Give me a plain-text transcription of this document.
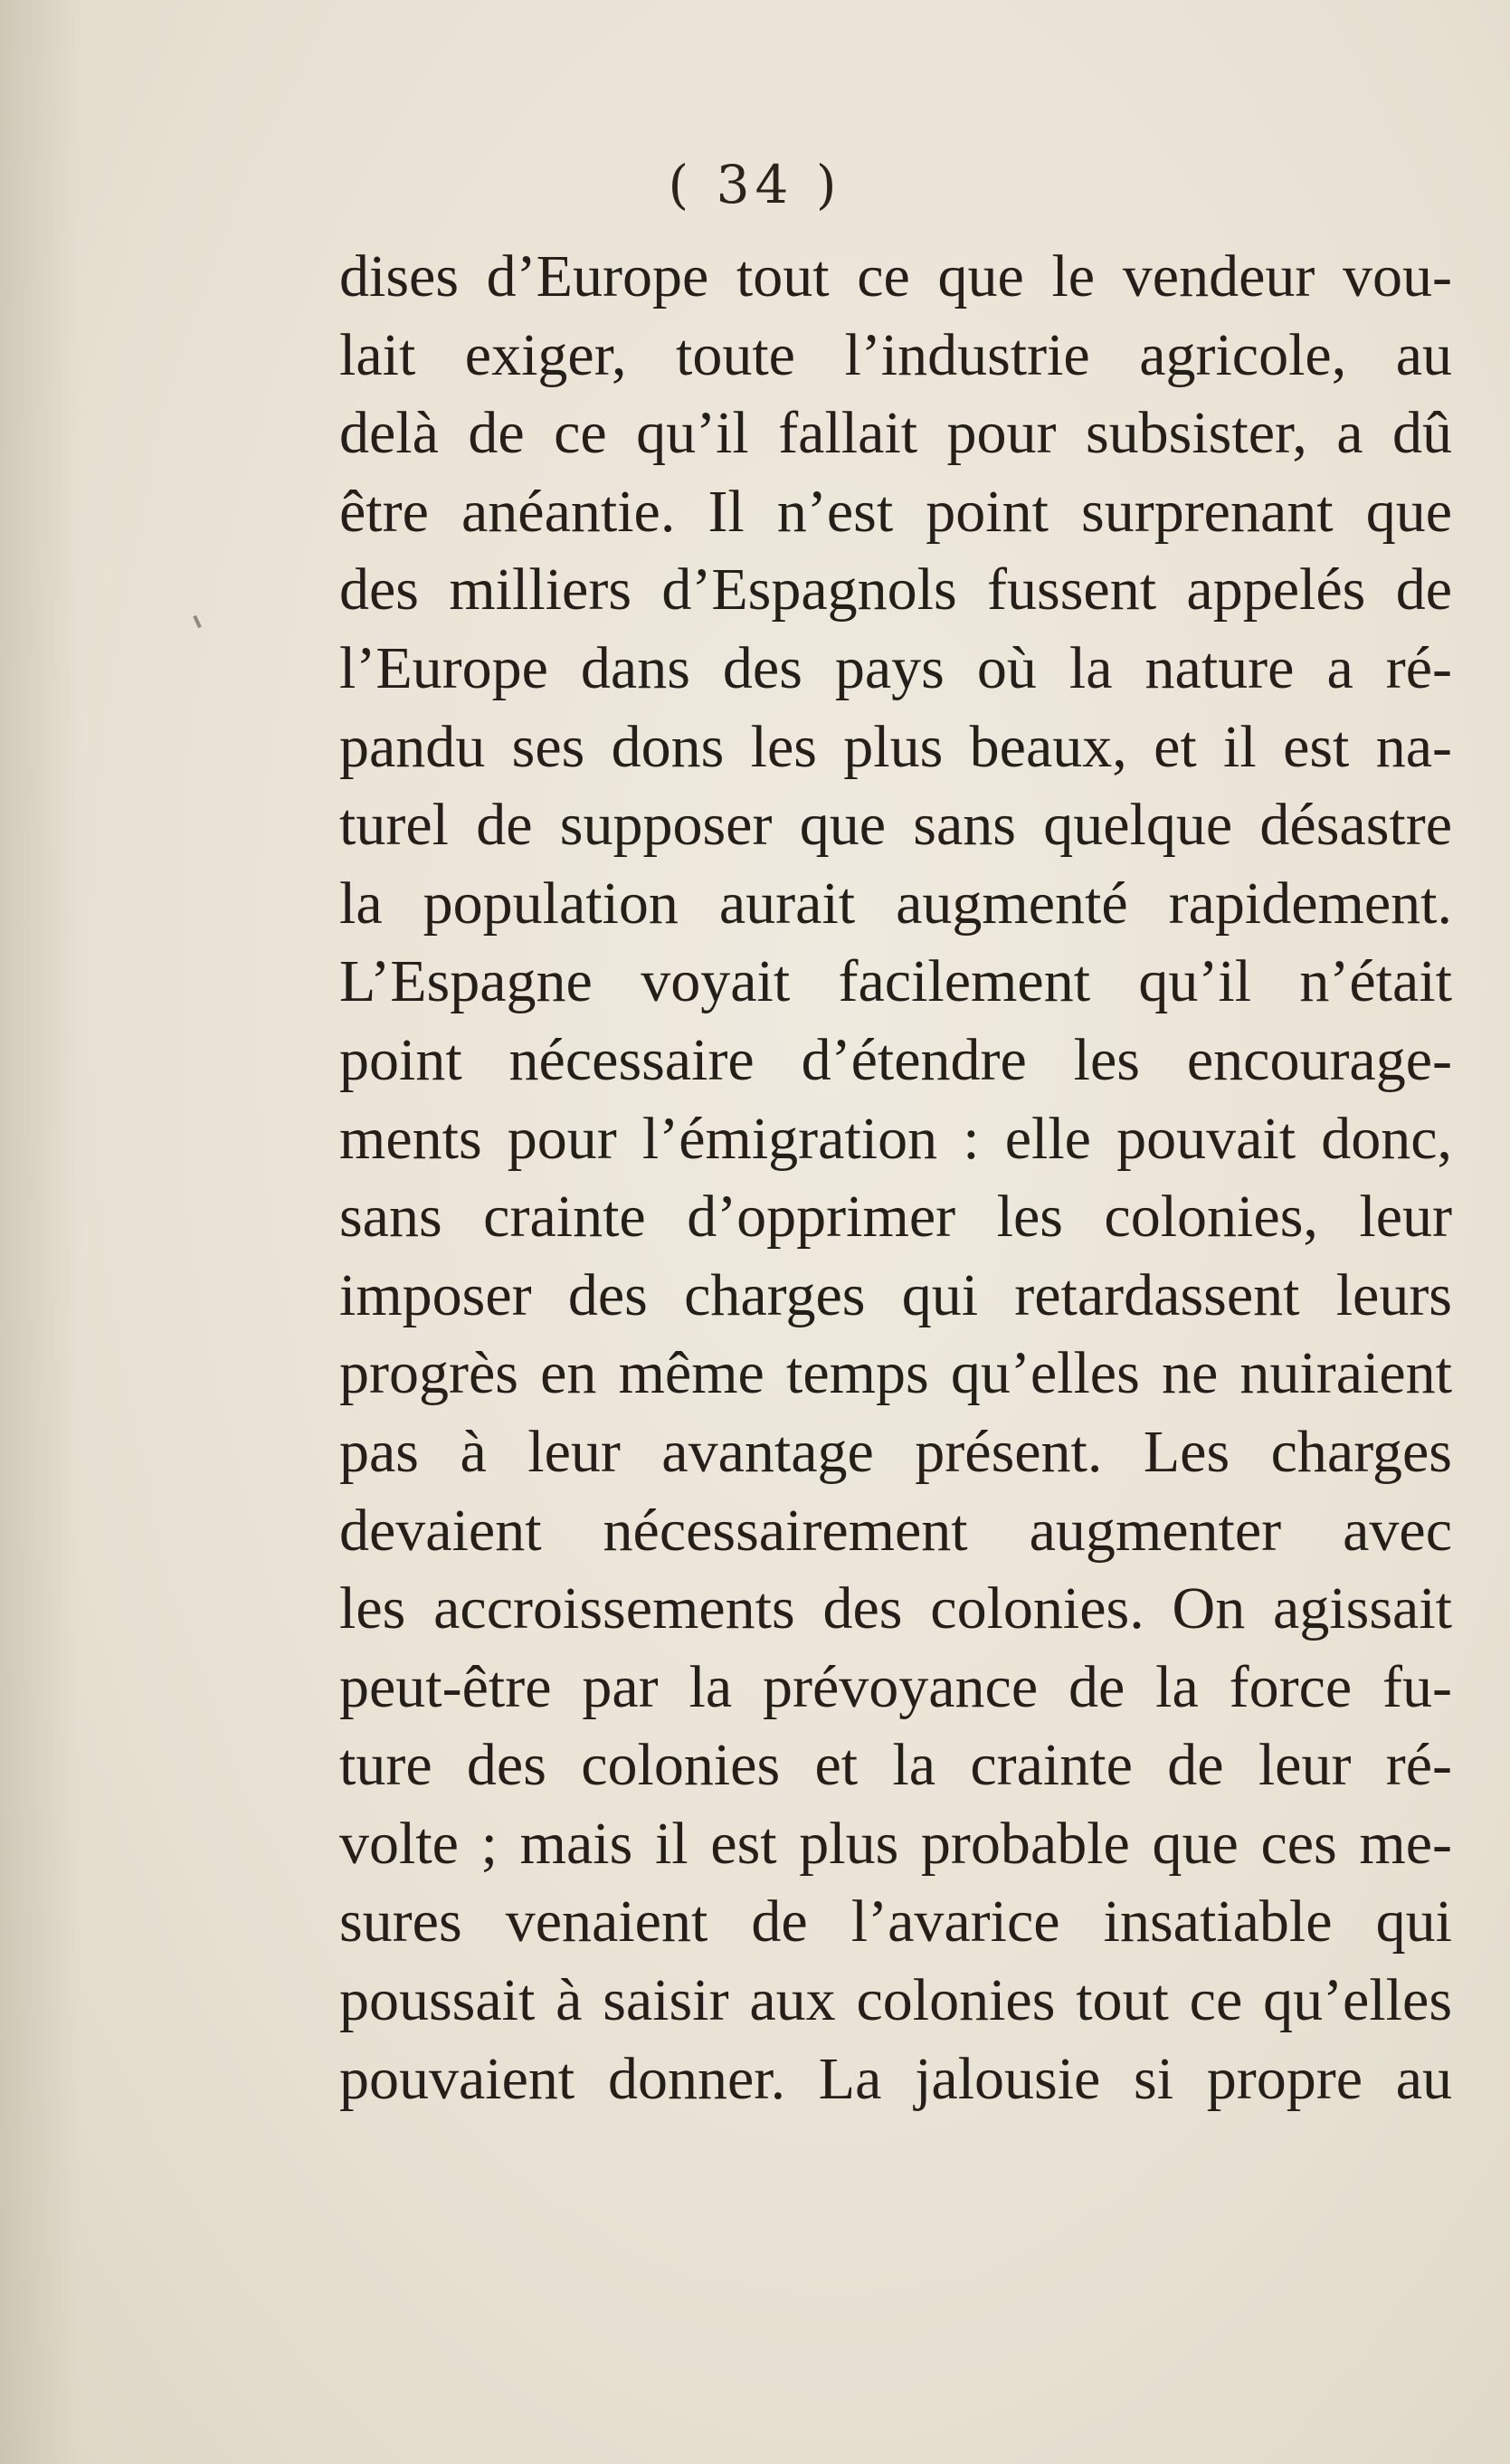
( 34 )
dises d’Europe tout ce que le vendeur vou-
lait exiger, toute l’industrie agricole, au
delà de ce qu’il fallait pour subsister, a dû
être anéantie. Il n’est point surprenant que
des milliers d’Espagnols fussent appelés de
l’Europe dans des pays où la nature a ré-
pandu ses dons les plus beaux, et il est na-
turel de supposer que sans quelque désastre
la population aurait augmenté rapidement.
L’Espagne voyait facilement qu’il n’était
point nécessaire d’étendre les encourage-
ments pour l’émigration : elle pouvait donc,
sans crainte d’opprimer les colonies, leur
imposer des charges qui retardassent leurs
progrès en même temps qu’elles ne nuiraient
pas à leur avantage présent. Les charges
devaient nécessairement augmenter avec
les accroissements des colonies. On agissait
peut-être par la prévoyance de la force fu-
ture des colonies et la crainte de leur ré-
volte ; mais il est plus probable que ces me-
sures venaient de l’avarice insatiable qui
poussait à saisir aux colonies tout ce qu’elles
pouvaient donner. La jalousie si propre au
